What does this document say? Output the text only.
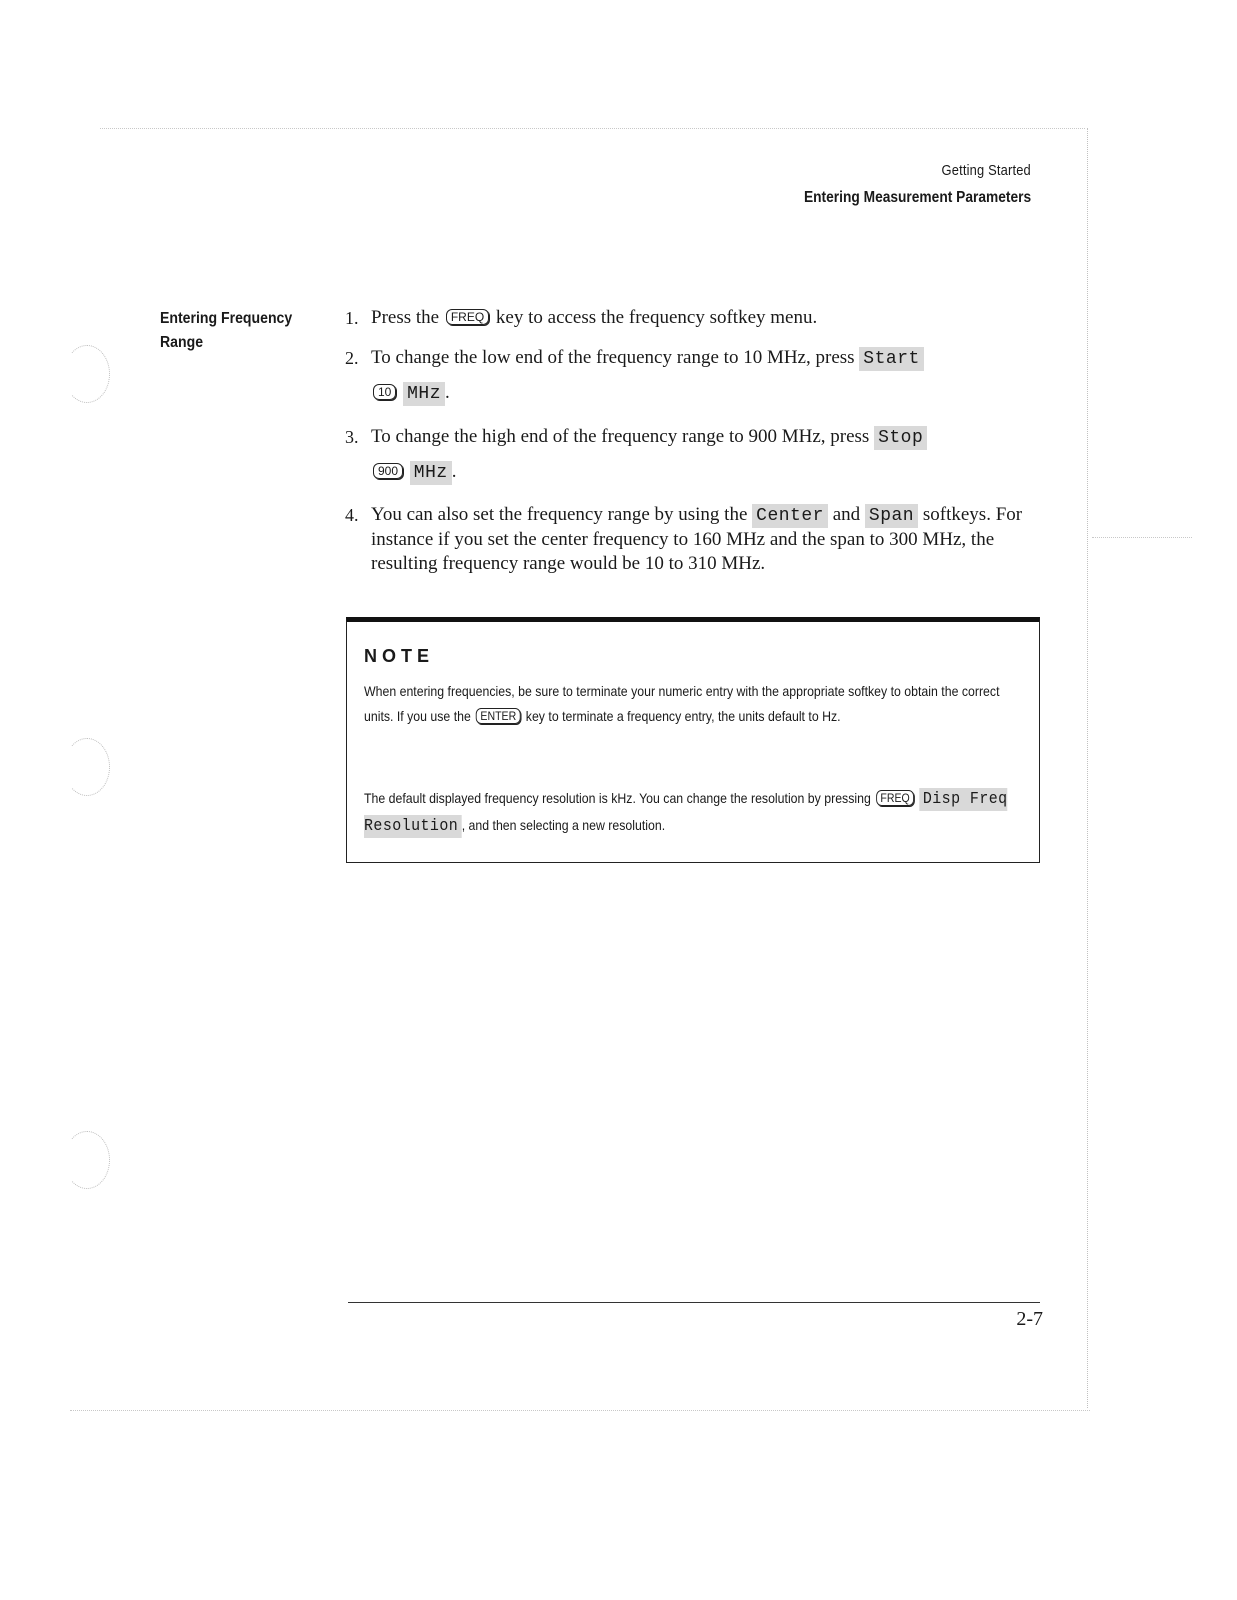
Getting Started
Entering Measurement Parameters
Entering Frequency Range
1. Press the FREQ key to access the frequency softkey menu.
2. To change the low end of the frequency range to 10 MHz, press Start
10 MHz .
3. To change the high end of the frequency range to 900 MHz, press Stop
900 MHz .
4. You can also set the frequency range by using the Center and Span softkeys. For instance if you set the center frequency to 160 MHz and the span to 300 MHz, the resulting frequency range would be 10 to 310 MHz.
NOTE
When entering frequencies, be sure to terminate your numeric entry with the appropriate softkey to obtain the correct units. If you use the ENTER key to terminate a frequency entry, the units default to Hz.
The default displayed frequency resolution is kHz. You can change the resolution by pressing FREQ Disp Freq Resolution , and then selecting a new resolution.
2-7
